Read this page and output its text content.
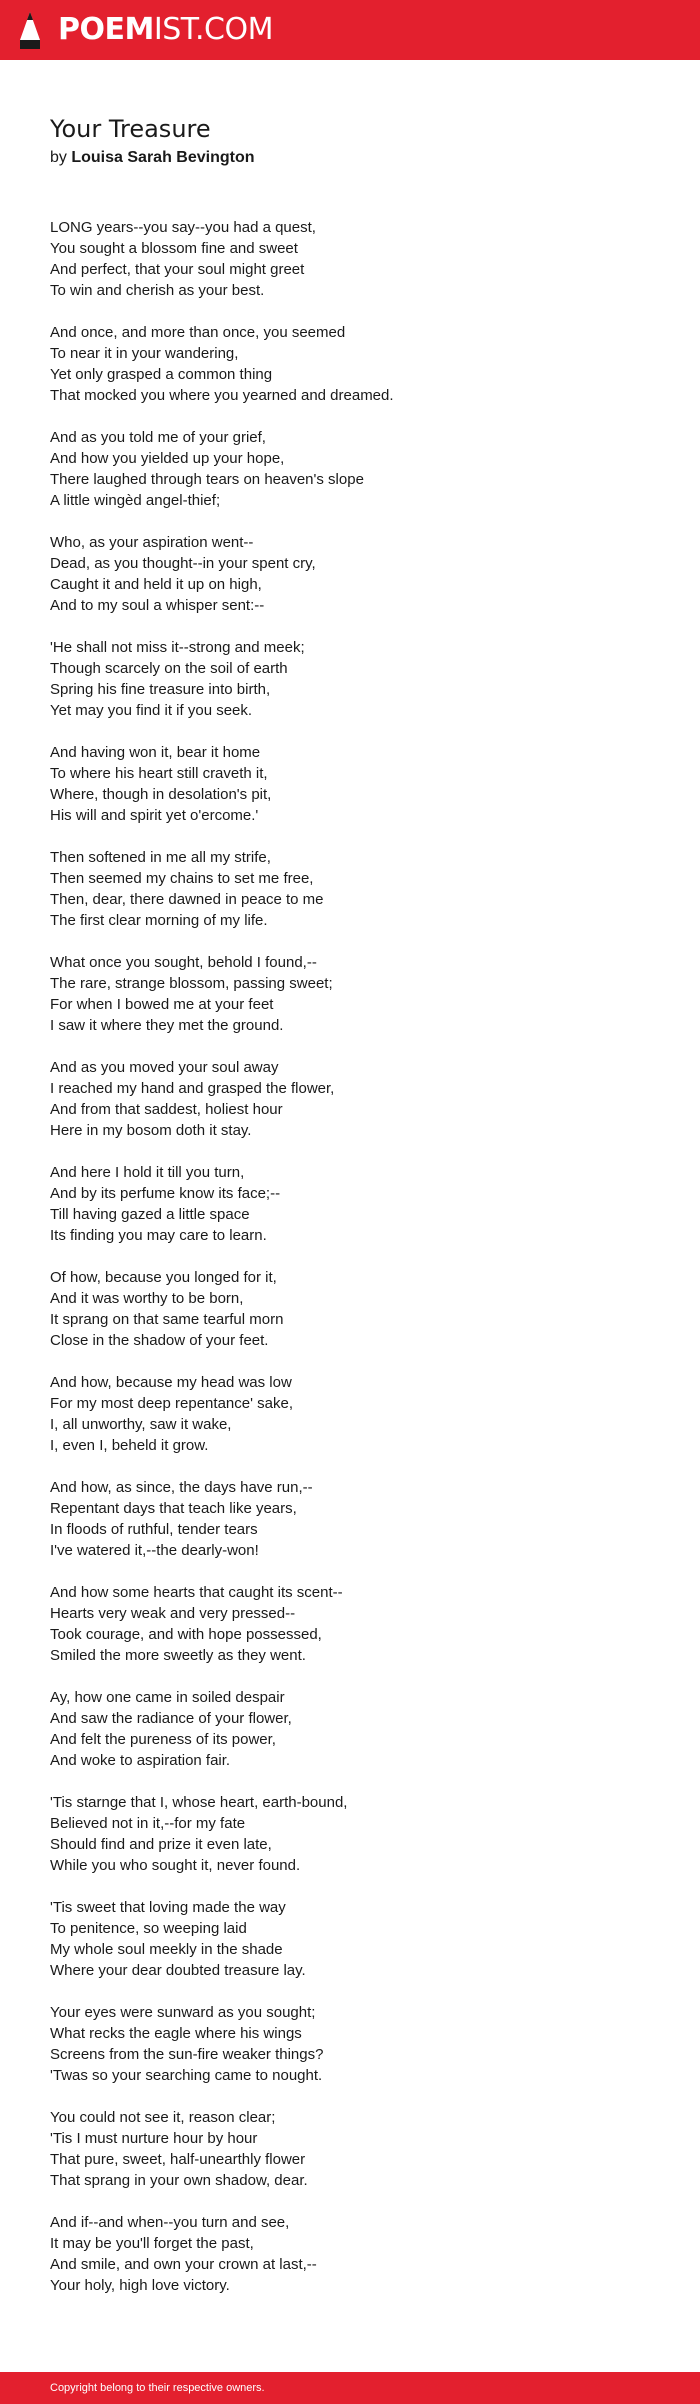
POEMIST.COM
Your Treasure
by Louisa Sarah Bevington
LONG years--you say--you had a quest,
You sought a blossom fine and sweet
And perfect, that your soul might greet
To win and cherish as your best.
And once, and more than once, you seemed
To near it in your wandering,
Yet only grasped a common thing
That mocked you where you yearned and dreamed.
And as you told me of your grief,
And how you yielded up your hope,
There laughed through tears on heaven's slope
A little wingèd angel-thief;
Who, as your aspiration went--
Dead, as you thought--in your spent cry,
Caught it and held it up on high,
And to my soul a whisper sent:--
'He shall not miss it--strong and meek;
Though scarcely on the soil of earth
Spring his fine treasure into birth,
Yet may you find it if you seek.
And having won it, bear it home
To where his heart still craveth it,
Where, though in desolation's pit,
His will and spirit yet o'ercome.'
Then softened in me all my strife,
Then seemed my chains to set me free,
Then, dear, there dawned in peace to me
The first clear morning of my life.
What once you sought, behold I found,--
The rare, strange blossom, passing sweet;
For when I bowed me at your feet
I saw it where they met the ground.
And as you moved your soul away
I reached my hand and grasped the flower,
And from that saddest, holiest hour
Here in my bosom doth it stay.
And here I hold it till you turn,
And by its perfume know its face;--
Till having gazed a little space
Its finding you may care to learn.
Of how, because you longed for it,
And it was worthy to be born,
It sprang on that same tearful morn
Close in the shadow of your feet.
And how, because my head was low
For my most deep repentance' sake,
I, all unworthy, saw it wake,
I, even I, beheld it grow.
And how, as since, the days have run,--
Repentant days that teach like years,
In floods of ruthful, tender tears
I've watered it,--the dearly-won!
And how some hearts that caught its scent--
Hearts very weak and very pressed--
Took courage, and with hope possessed,
Smiled the more sweetly as they went.
Ay, how one came in soiled despair
And saw the radiance of your flower,
And felt the pureness of its power,
And woke to aspiration fair.
'Tis starnge that I, whose heart, earth-bound,
Believed not in it,--for my fate
Should find and prize it even late,
While you who sought it, never found.
'Tis sweet that loving made the way
To penitence, so weeping laid
My whole soul meekly in the shade
Where your dear doubted treasure lay.
Your eyes were sunward as you sought;
What recks the eagle where his wings
Screens from the sun-fire weaker things?
'Twas so your searching came to nought.
You could not see it, reason clear;
'Tis I must nurture hour by hour
That pure, sweet, half-unearthly flower
That sprang in your own shadow, dear.
And if--and when--you turn and see,
It may be you'll forget the past,
And smile, and own your crown at last,--
Your holy, high love victory.
Copyright belong to their respective owners.
